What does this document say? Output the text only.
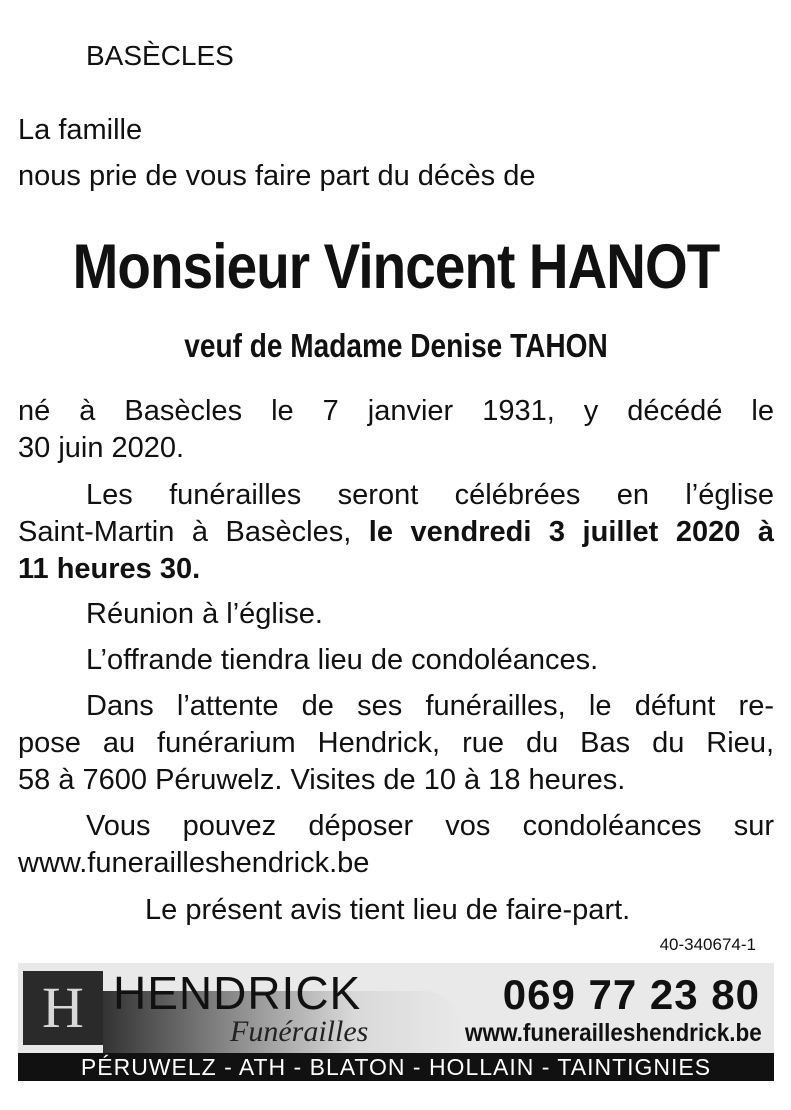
BASÈCLES
La famille
nous prie de vous faire part du décès de
Monsieur Vincent HANOT
veuf de Madame Denise TAHON
né à Basècles le 7 janvier 1931, y décédé le
30 juin 2020.
Les funérailles seront célébrées en l’église
Saint-Martin à Basècles, le vendredi 3 juillet 2020 à
11 heures 30.
Réunion à l’église.
L’offrande tiendra lieu de condoléances.
Dans l’attente de ses funérailles, le défunt re-
pose au funérarium Hendrick, rue du Bas du Rieu,
58 à 7600 Péruwelz. Visites de 10 à 18 heures.
Vous pouvez déposer vos condoléances sur
www.funerailleshendrick.be
Le présent avis tient lieu de faire-part.
40-340674-1
H HENDRICK
Funérailles
069 77 23 80
www.funerailleshendrick.be
PÉRUWELZ - ATH - BLATON - HOLLAIN - TAINTIGNIES
